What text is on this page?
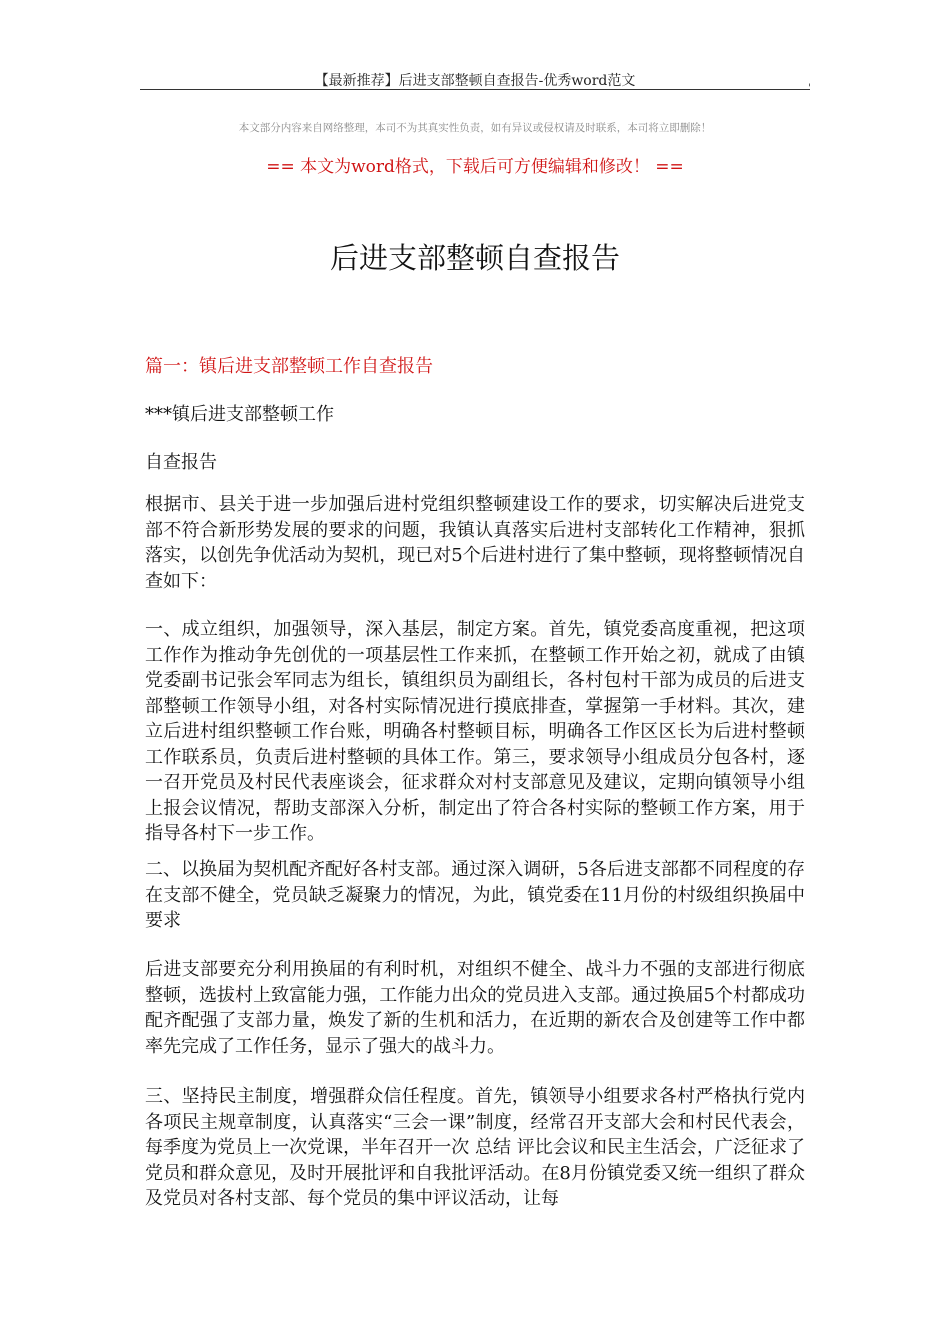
【最新推荐】后进支部整顿自查报告-优秀word范文	'
本文部分内容来自网络整理，本司不为其真实性负责，如有异议或侵权请及时联系，本司将立即删除！
== 本文为word格式，下载后可方便编辑和修改！ ==
后进支部整顿自查报告
篇一：镇后进支部整顿工作自查报告
***镇后进支部整顿工作
自查报告

根据市、县关于进一步加强后进村党组织整顿建设工作的要求，切实解决后进党支部不符合新形势发展的要求的问题，我镇认真落实后进村支部转化工作精神，狠抓落实，以创先争优活动为契机，现已对5个后进村进行了集中整顿，现将整顿情况自查如下：

一、成立组织，加强领导，深入基层，制定方案。首先，镇党委高度重视，把这项工作作为推动争先创优的一项基层性工作来抓，在整顿工作开始之初，就成了由镇党委副书记张会军同志为组长，镇组织员为副组长，各村包村干部为成员的后进支部整顿工作领导小组，对各村实际情况进行摸底排查，掌握第一手材料。其次，建立后进村组织整顿工作台账，明确各村整顿目标，明确各工作区区长为后进村整顿工作联系员，负责后进村整顿的具体工作。第三，要求领导小组成员分包各村，逐一召开党员及村民代表座谈会，征求群众对村支部意见及建议，定期向镇领导小组上报会议情况，帮助支部深入分析，制定出了符合各村实际的整顿工作方案，用于指导各村下一步工作。

二、以换届为契机配齐配好各村支部。通过深入调研，5各后进支部都不同程度的存在支部不健全，党员缺乏凝聚力的情况，为此，镇党委在11月份的村级组织换届中要求

后进支部要充分利用换届的有利时机，对组织不健全、战斗力不强的支部进行彻底整顿，选拔村上致富能力强，工作能力出众的党员进入支部。通过换届5个村都成功配齐配强了支部力量，焕发了新的生机和活力，在近期的新农合及创建等工作中都率先完成了工作任务，显示了强大的战斗力。

三、坚持民主制度，增强群众信任程度。首先，镇领导小组要求各村严格执行党内各项民主规章制度，认真落实“三会一课”制度，经常召开支部大会和村民代表会，每季度为党员上一次党课，半年召开一次 总结 评比会议和民主生活会，广泛征求了党员和群众意见，及时开展批评和自我批评活动。在8月份镇党委又统一组织了群众及党员对各村支部、每个党员的集中评议活动，让每
